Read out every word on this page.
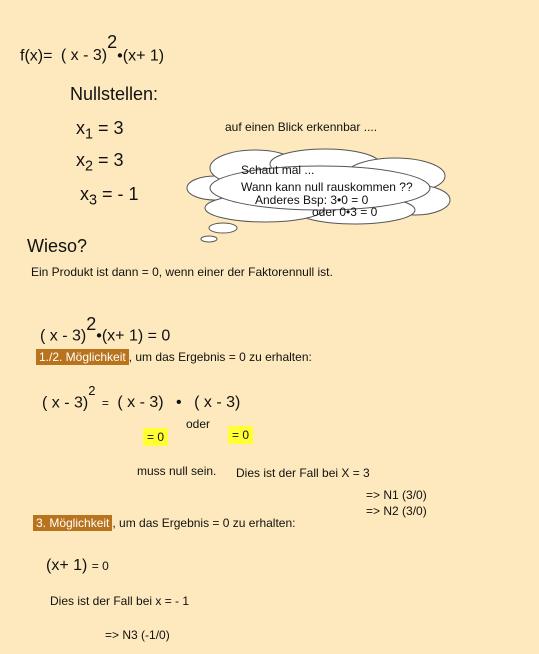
f(x)= ( x - 3)$^2$•(x+ 1)
Nullstellen:
$x_1 = 3$
$x_2 = 3$
$x_3$ = - 1
auf einen Blick erkennbar ....
Schaut mal ...
Wann kann null rauskommen ??
Anderes Bsp: 3•0 = 0
oder 0•3 = 0
Wieso?
Ein Produkt ist dann = 0, wenn einer der Faktorennull ist.
( x - 3)$^2$•(x+ 1) = 0
1./2. Möglichkeit , um das Ergebnis = 0 zu erhalten:
( x - 3)$^2$ = ( x - 3) • ( x - 3)
oder
= 0	= 0
muss null sein. Dies ist der Fall bei X = 3
=> N1 (3/0)
=> N2 (3/0)
3. Möglichkeit , um das Ergebnis = 0 zu erhalten:
(x+ 1) = 0
Dies ist der Fall bei x = - 1
=> N3 (-1/0)
